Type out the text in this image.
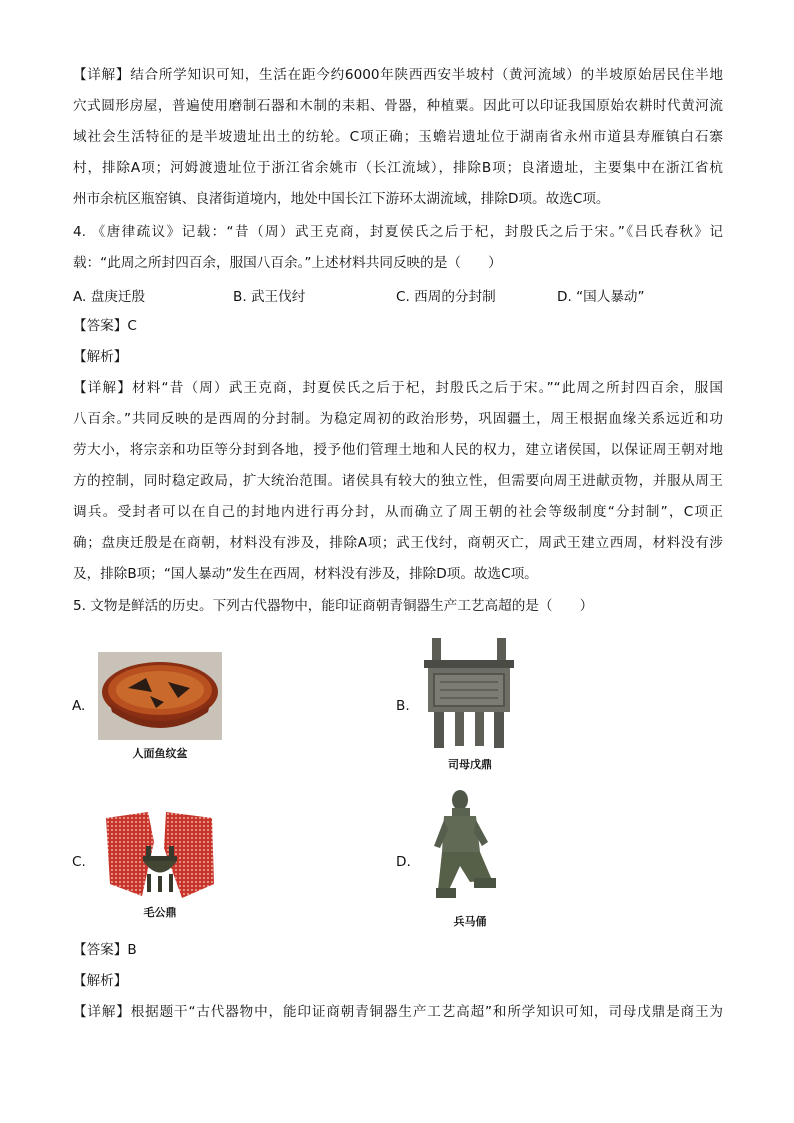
【详解】结合所学知识可知，生活在距今约6000年陕西西安半坡村（黄河流域）的半坡原始居民住半地
穴式圆形房屋，普遍使用磨制石器和木制的耒耜、骨器，种植粟。因此可以印证我国原始农耕时代黄河流
域社会生活特征的是半坡遗址出土的纺轮。C项正确；玉蟾岩遗址位于湖南省永州市道县寿雁镇白石寨
村，排除A项；河姆渡遗址位于浙江省余姚市（长江流域），排除B项；良渚遗址，主要集中在浙江省杭
州市余杭区瓶窑镇、良渚街道境内，地处中国长江下游环太湖流域，排除D项。故选C项。
4. 《唐律疏议》记载：“昔（周）武王克商，封夏侯氏之后于杞，封殷氏之后于宋。”《吕氏春秋》记
载：“此周之所封四百余，服国八百余。”上述材料共同反映的是（　　）
A. 盘庚迁殷	B. 武王伐纣	C. 西周的分封制	D. “国人暴动”
【答案】C
【解析】
【详解】材料“昔（周）武王克商，封夏侯氏之后于杞，封殷氏之后于宋。”“此周之所封四百余，服国
八百余。”共同反映的是西周的分封制。为稳定周初的政治形势，巩固疆土，周王根据血缘关系远近和功
劳大小，将宗亲和功臣等分封到各地，授予他们管理土地和人民的权力，建立诸侯国，以保证周王朝对地
方的控制，同时稳定政局，扩大统治范围。诸侯具有较大的独立性，但需要向周王进献贡物，并服从周王
调兵。受封者可以在自己的封地内进行再分封，从而确立了周王朝的社会等级制度“分封制”，C项正
确；盘庚迁殷是在商朝，材料没有涉及，排除A项；武王伐纣，商朝灭亡，周武王建立西周，材料没有涉
及，排除B项；“国人暴动”发生在西周，材料没有涉及，排除D项。故选C项。
5. 文物是鲜活的历史。下列古代器物中，能印证商朝青铜器生产工艺高超的是（　　）
A.
人面鱼纹盆
B.
司母戊鼎
C.
毛公鼎
D.
兵马俑
【答案】B
【解析】
【详解】根据题干“古代器物中，能印证商朝青铜器生产工艺高超”和所学知识可知，司母戊鼎是商王为
